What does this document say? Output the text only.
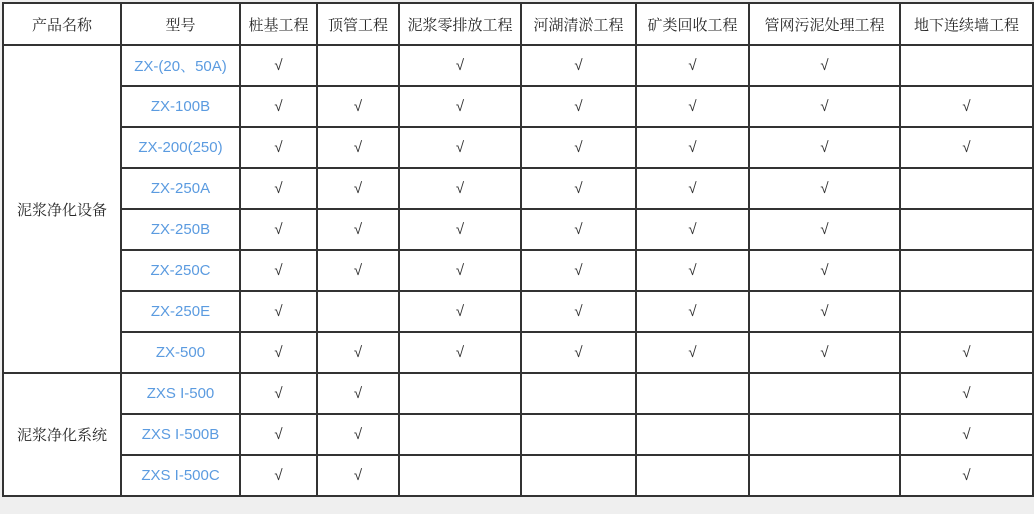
产品名称	型号	桩基工程	顶管工程	泥浆零排放工程	河湖清淤工程	矿类回收工程	管网污泥处理工程	地下连续墙工程
泥浆净化设备	ZX-(20、50A)	√		√	√	√	√	
	ZX-100B	√	√	√	√	√	√	√
	ZX-200(250)	√	√	√	√	√	√	√
	ZX-250A	√	√	√	√	√	√	
	ZX-250B	√	√	√	√	√	√	
	ZX-250C	√	√	√	√	√	√	
	ZX-250E	√		√	√	√	√	
	ZX-500	√	√	√	√	√	√	√
泥浆净化系统	ZXS I-500	√	√					√
	ZXS I-500B	√	√					√
	ZXS I-500C	√	√					√
